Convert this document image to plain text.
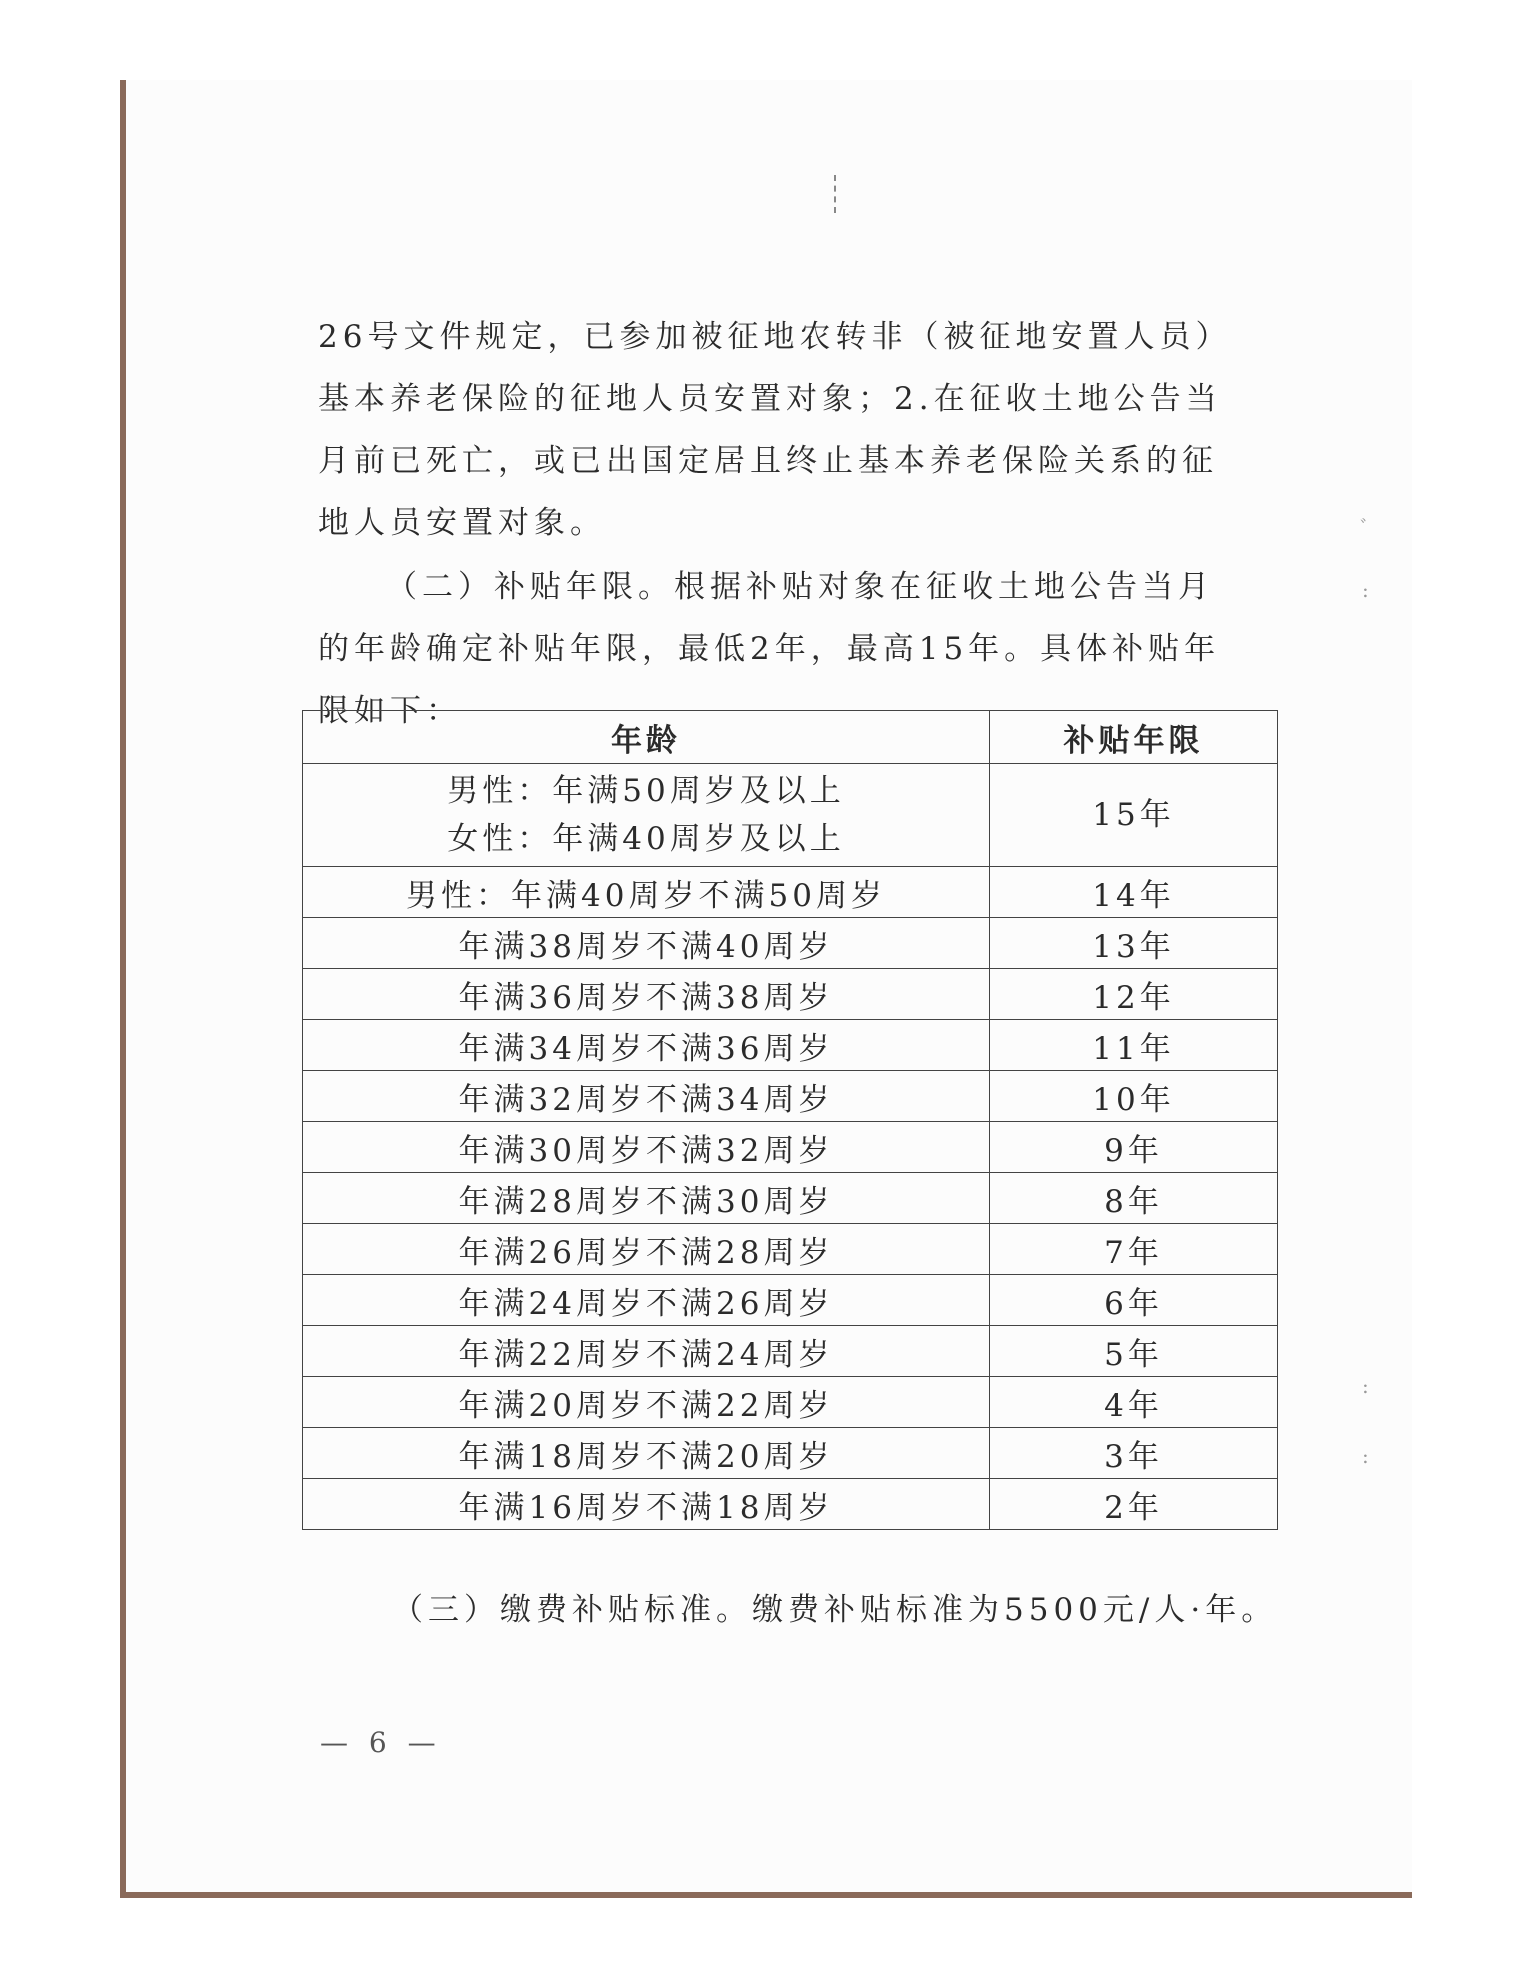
26号文件规定，已参加被征地农转非（被征地安置人员）基本养老保险的征地人员安置对象；2.在征收土地公告当月前已死亡，或已出国定居且终止基本养老保险关系的征地人员安置对象。

（二）补贴年限。根据补贴对象在征收土地公告当月的年龄确定补贴年限，最低2年，最高15年。具体补贴年限如下：

年龄	补贴年限

男性：年满50周岁及以上
女性：年满40周岁及以上	15年
男性：年满40周岁不满50周岁	14年
年满38周岁不满40周岁	13年
年满36周岁不满38周岁	12年
年满34周岁不满36周岁	11年
年满32周岁不满34周岁	10年
年满30周岁不满32周岁	9年
年满28周岁不满30周岁	8年
年满26周岁不满28周岁	7年
年满24周岁不满26周岁	6年
年满22周岁不满24周岁	5年
年满20周岁不满22周岁	4年
年满18周岁不满20周岁	3年
年满16周岁不满18周岁	2年

（三）缴费补贴标准。缴费补贴标准为5500元/人·年。

— 6 —
ﾞ
:
:
:
